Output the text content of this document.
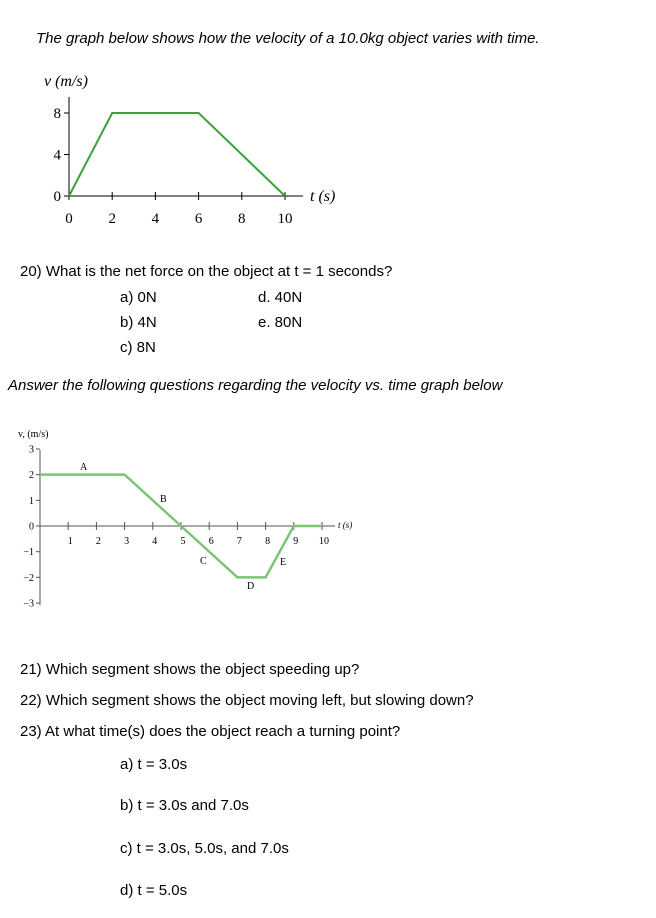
The graph below shows how the velocity of a 10.0kg object varies with time.
v (m/s)
0
4
8
0 2 4 6 8 10
t (s)
20) What is the net force on the object at t = 1 seconds?
a) 0N
b) 4N
c) 8N
d. 40N
e. 80N
Answer the following questions regarding the velocity vs. time graph below
v, (m/s)
3
2
1
0
−1
−2
−3
1 2 3 4 5 6 7 8 9 10
t (s)
A
B
C
D
E
21) Which segment shows the object speeding up?
22) Which segment shows the object moving left, but slowing down?
23) At what time(s) does the object reach a turning point?
a) t = 3.0s
b) t = 3.0s and 7.0s
c) t = 3.0s, 5.0s, and 7.0s
d) t = 5.0s
